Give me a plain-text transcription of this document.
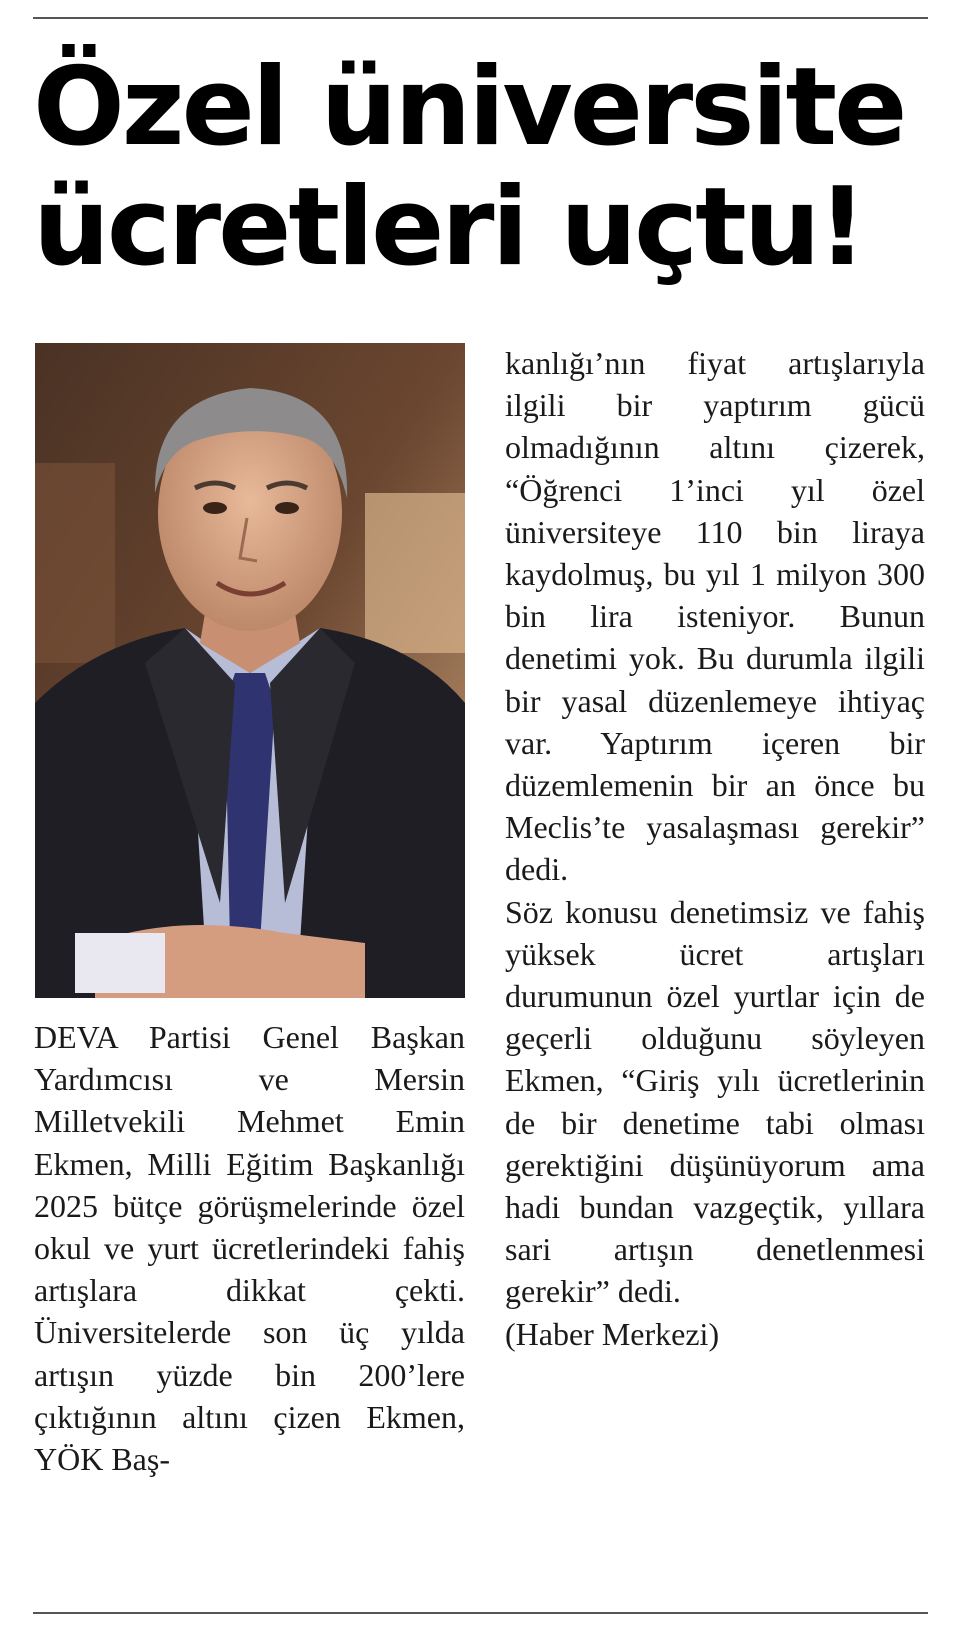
Özel üniversite
ücretleri uçtu!

DEVA Partisi Genel Başkan Yardımcısı ve Mersin Milletvekili Mehmet Emin Ekmen, Milli Eğitim Başkanlığı 2025 bütçe görüşmelerinde özel okul ve yurt ücretlerindeki fahiş artışlara dikkat çekti. Üniversitelerde son üç yılda artışın yüzde bin 200’lere çıktığının altını çizen Ekmen, YÖK Baş-

kanlığı’nın fiyat artışlarıyla ilgili bir yaptırım gücü olmadığının altını çizerek, “Öğrenci 1’inci yıl özel üniversiteye 110 bin liraya kaydolmuş, bu yıl 1 milyon 300 bin lira isteniyor. Bunun denetimi yok. Bu durumla ilgili bir yasal düzenlemeye ihtiyaç var. Yaptırım içeren bir düzemlemenin bir an önce bu Meclis’te yasalaşması gerekir” dedi.

Söz konusu denetimsiz ve fahiş yüksek ücret artışları durumunun özel yurtlar için de geçerli olduğunu söyleyen Ekmen, “Giriş yılı ücretlerinin de bir denetime tabi olması gerektiğini düşünüyorum ama hadi bundan vazgeçtik, yıllara sari artışın denetlenmesi gerekir” dedi.

(Haber Merkezi)
